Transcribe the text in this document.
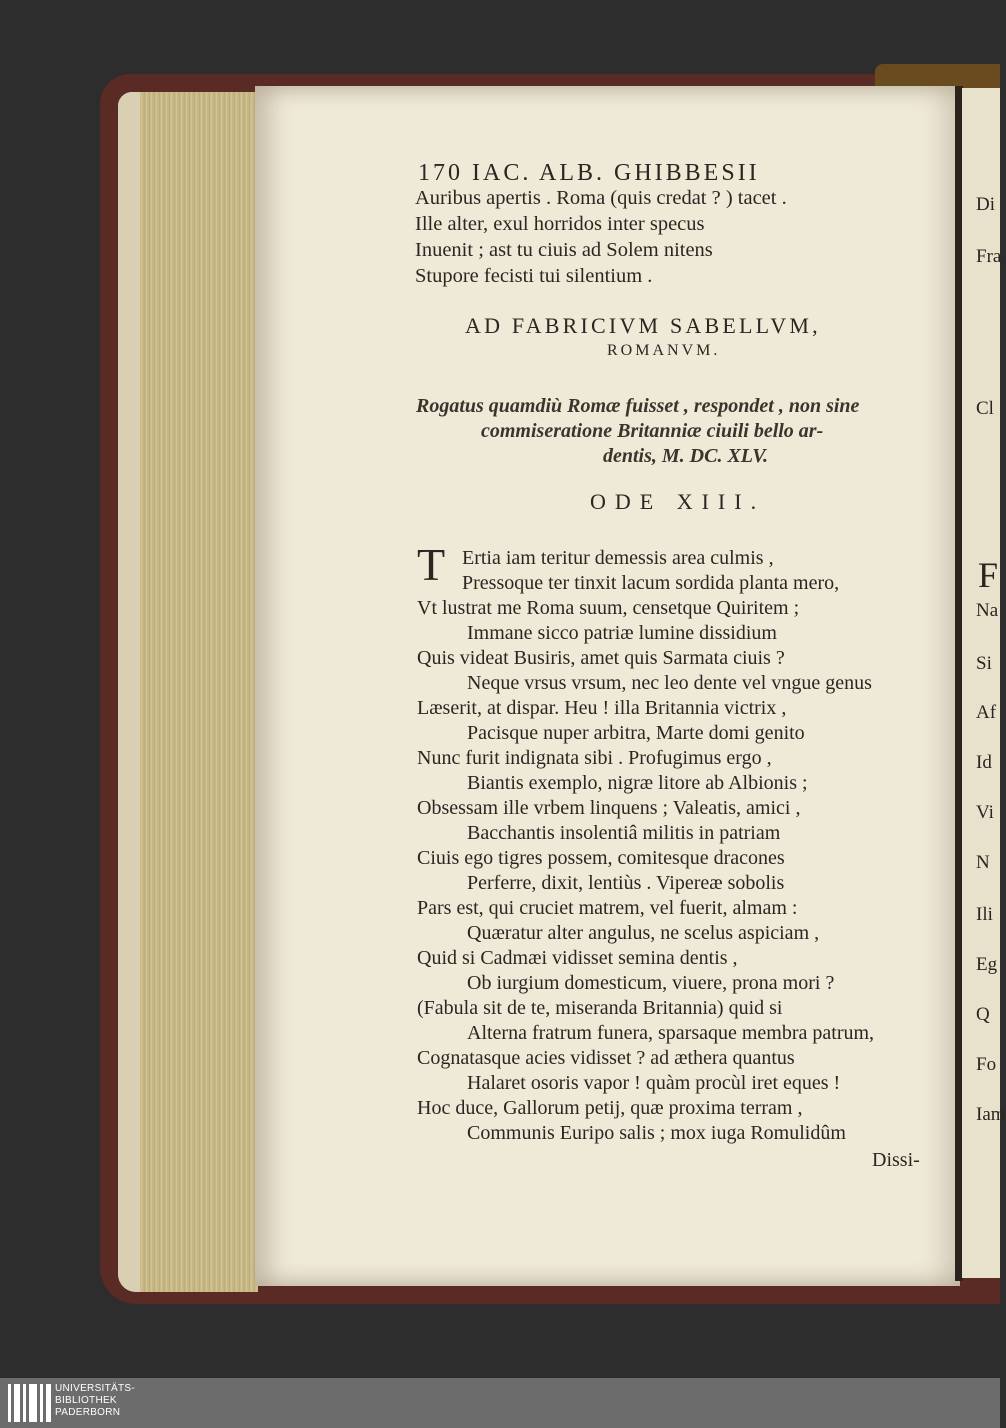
Di
Fra
Cl
F
Na
Si
Af
Id
Vi
N
Ili
Eg
Q
Fo
Iam
170 IAC. ALB. GHIBBESII
Auribus apertis . Roma (quis credat ? ) tacet .
Ille alter, exul horridos inter specus
Inuenit ; ast tu ciuis ad Solem nitens
Stupore fecisti tui silentium .
AD FABRICIVM SABELLVM,
ROMANVM.
Rogatus quamdiù Romæ fuisset , respondet , non sine
commiseratione Britanniæ ciuili bello ar-
dentis, M. DC. XLV.
ODE XIII.
T Ertia iam teritur demessis area culmis ,
Pressoque ter tinxit lacum sordida planta mero,
Vt lustrat me Roma suum, censetque Quiritem ;
Immane sicco patriæ lumine dissidium
Quis videat Busiris, amet quis Sarmata ciuis ?
Neque vrsus vrsum, nec leo dente vel vngue genus
Læserit, at dispar. Heu ! illa Britannia victrix ,
Pacisque nuper arbitra, Marte domi genito
Nunc furit indignata sibi . Profugimus ergo ,
Biantis exemplo, nigræ litore ab Albionis ;
Obsessam ille vrbem linquens ; Valeatis, amici ,
Bacchantis insolentiâ militis in patriam
Ciuis ego tigres possem, comitesque dracones
Perferre, dixit, lentiùs . Vipereæ sobolis
Pars est, qui cruciet matrem, vel fuerit, almam :
Quæratur alter angulus, ne scelus aspiciam ,
Quid si Cadmæi vidisset semina dentis ,
Ob iurgium domesticum, viuere, prona mori ?
(Fabula sit de te, miseranda Britannia) quid si
Alterna fratrum funera, sparsaque membra patrum,
Cognatasque acies vidisset ? ad æthera quantus
Halaret osoris vapor ! quàm procùl iret eques !
Hoc duce, Gallorum petij, quæ proxima terram ,
Communis Euripo salis ; mox iuga Romulidûm
Dissi-
UNIVERSITÄTS-
BIBLIOTHEK
PADERBORN
